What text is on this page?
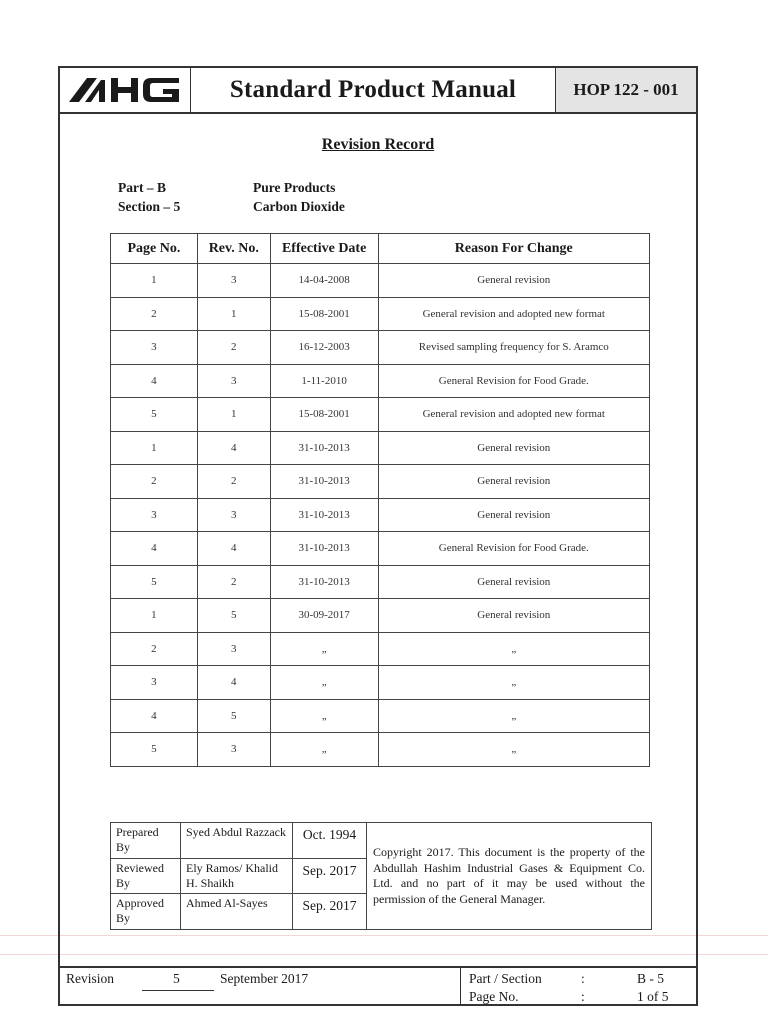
AHG	Standard Product Manual	HOP 122 - 001
Revision Record
Part – B	Pure Products
Section – 5	Carbon Dioxide
Page No.	Rev. No.	Effective Date	Reason For Change
1	3	14-04-2008	General revision
2	1	15-08-2001	General revision and adopted new format
3	2	16-12-2003	Revised sampling frequency for S. Aramco
4	3	1-11-2010	General Revision for Food Grade.
5	1	15-08-2001	General revision and adopted new format
1	4	31-10-2013	General revision
2	2	31-10-2013	General revision
3	3	31-10-2013	General revision
4	4	31-10-2013	General Revision for Food Grade.
5	2	31-10-2013	General revision
1	5	30-09-2017	General revision
2	3	„	„
3	4	„	„
4	5	„	„
5	3	„	„
Prepared By	Syed Abdul Razzack	Oct. 1994	Copyright 2017. This document is the property of the Abdullah Hashim Industrial Gases & Equipment Co. Ltd. and no part of it may be used without the permission of the General Manager.
Reviewed By	Ely Ramos/ Khalid H. Shaikh	Sep. 2017	
Approved By	Ahmed Al-Sayes	Sep. 2017	
Revision	5	September 2017	Part / Section	:	B - 5
Page No.	:	1 of 5
